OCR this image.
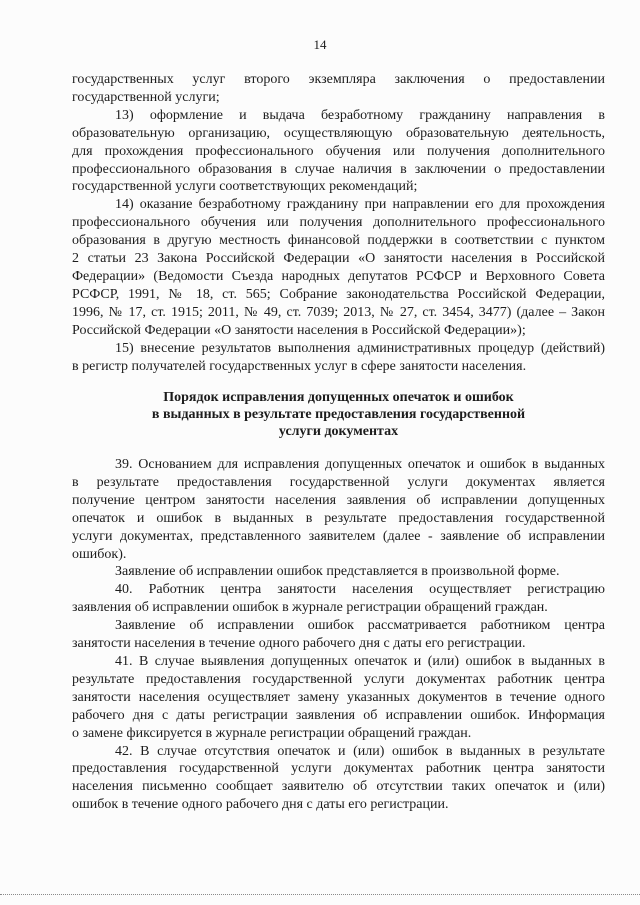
14
государственных услуг второго экземпляра заключения о предоставлении
государственной услуги;
13) оформление и выдача безработному гражданину направления в
образовательную организацию, осуществляющую образовательную деятельность,
для прохождения профессионального обучения или получения дополнительного
профессионального образования в случае наличия в заключении о предоставлении
государственной услуги соответствующих рекомендаций;
14) оказание безработному гражданину при направлении его для прохождения
профессионального обучения или получения дополнительного профессионального
образования в другую местность финансовой поддержки в соответствии с пунктом
2 статьи 23 Закона Российской Федерации «О занятости населения в Российской
Федерации» (Ведомости Съезда народных депутатов РСФСР и Верховного Совета
РСФСР, 1991, № 18, ст. 565; Собрание законодательства Российской Федерации,
1996, № 17, ст. 1915; 2011, № 49, ст. 7039; 2013, № 27, ст. 3454, 3477) (далее – Закон
Российской Федерации «О занятости населения в Российской Федерации»);
15) внесение результатов выполнения административных процедур (действий)
в регистр получателей государственных услуг в сфере занятости населения.
Порядок исправления допущенных опечаток и ошибок
в выданных в результате предоставления государственной
услуги документах
39. Основанием для исправления допущенных опечаток и ошибок в выданных
в результате предоставления государственной услуги документах является
получение центром занятости населения заявления об исправлении допущенных
опечаток и ошибок в выданных в результате предоставления государственной
услуги документах, представленного заявителем (далее - заявление об исправлении
ошибок).
Заявление об исправлении ошибок представляется в произвольной форме.
40. Работник центра занятости населения осуществляет регистрацию
заявления об исправлении ошибок в журнале регистрации обращений граждан.
Заявление об исправлении ошибок рассматривается работником центра
занятости населения в течение одного рабочего дня с даты его регистрации.
41. В случае выявления допущенных опечаток и (или) ошибок в выданных в
результате предоставления государственной услуги документах работник центра
занятости населения осуществляет замену указанных документов в течение одного
рабочего дня с даты регистрации заявления об исправлении ошибок. Информация
о замене фиксируется в журнале регистрации обращений граждан.
42. В случае отсутствия опечаток и (или) ошибок в выданных в результате
предоставления государственной услуги документах работник центра занятости
населения письменно сообщает заявителю об отсутствии таких опечаток и (или)
ошибок в течение одного рабочего дня с даты его регистрации.
